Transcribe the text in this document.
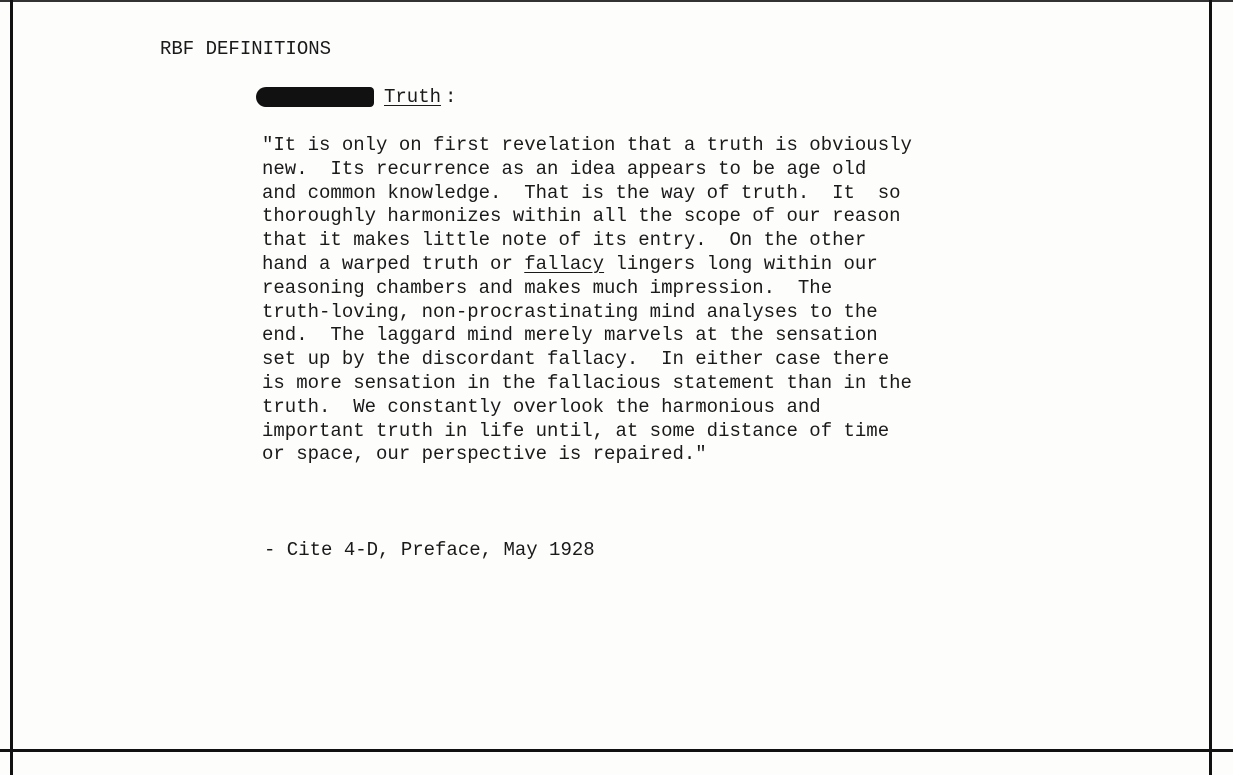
RBF DEFINITIONS
Truth :
"It is only on first revelation that a truth is obviously
new.  Its recurrence as an idea appears to be age old
and common knowledge.  That is the way of truth.  It  so
thoroughly harmonizes within all the scope of our reason
that it makes little note of its entry.  On the other
hand a warped truth or fallacy lingers long within our
reasoning chambers and makes much impression.  The
truth-loving, non-procrastinating mind analyses to the
end.  The laggard mind merely marvels at the sensation
set up by the discordant fallacy.  In either case there
is more sensation in the fallacious statement than in the
truth.  We constantly overlook the harmonious and
important truth in life until, at some distance of time
or space, our perspective is repaired."
- Cite 4-D, Preface, May 1928
